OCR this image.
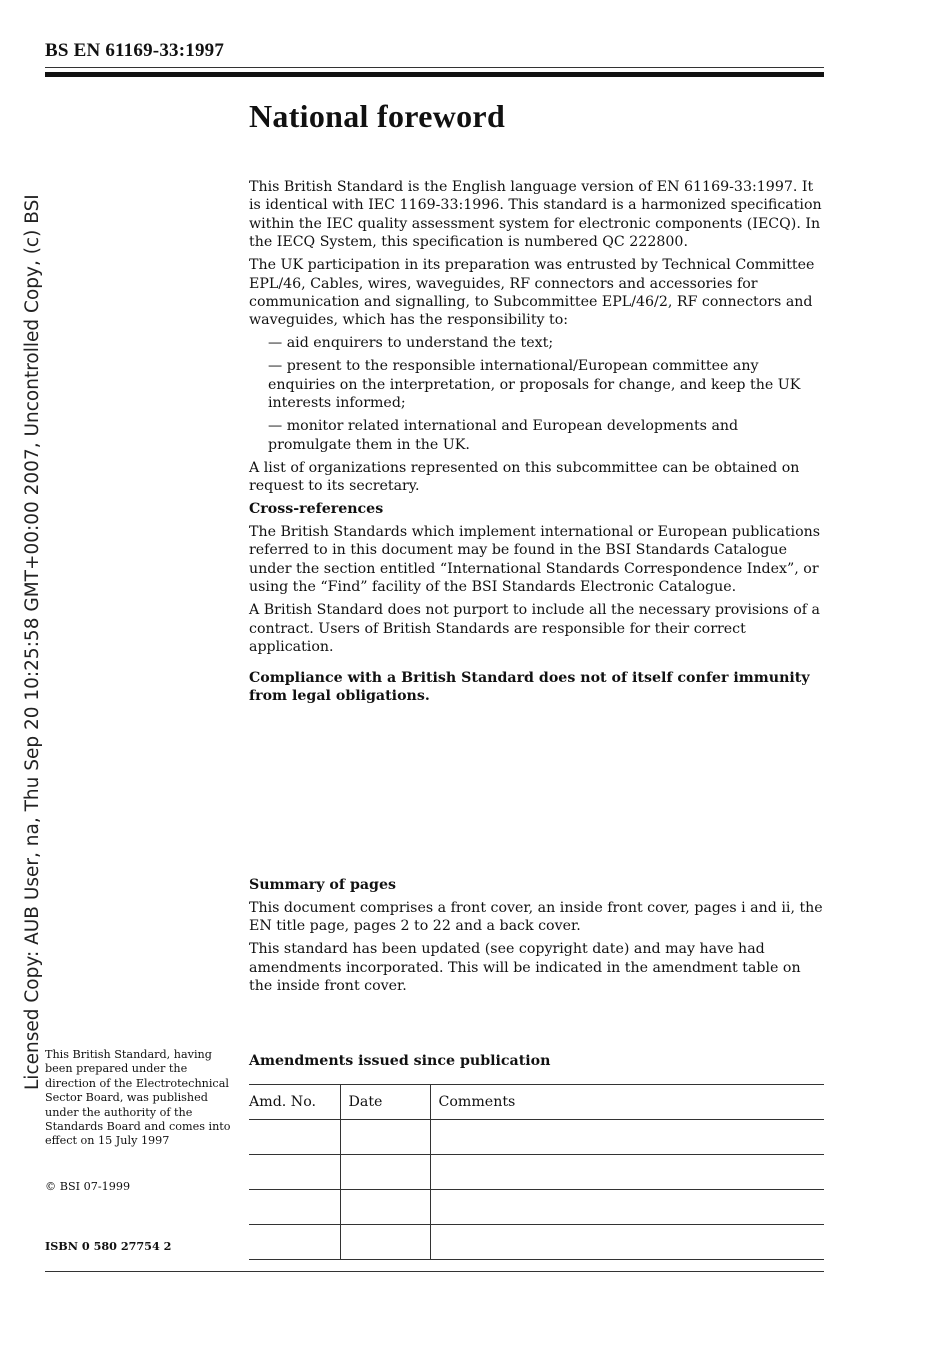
BS EN 61169-33:1997
Licensed Copy: AUB User, na, Thu Sep 20 10:25:58 GMT+00:00 2007, Uncontrolled Copy, (c) BSI
National foreword

This British Standard is the English language version of EN 61169-33:1997. It is identical with IEC 1169-33:1996. This standard is a harmonized specification within the IEC quality assessment system for electronic components (IECQ). In the IECQ System, this specification is numbered QC 222800.

The UK participation in its preparation was entrusted by Technical Committee EPL/46, Cables, wires, waveguides, RF connectors and accessories for communication and signalling, to Subcommittee EPL/46/2, RF connectors and waveguides, which has the responsibility to:

— aid enquirers to understand the text;

— present to the responsible international/European committee any enquiries on the interpretation, or proposals for change, and keep the UK interests informed;

— monitor related international and European developments and promulgate them in the UK.

A list of organizations represented on this subcommittee can be obtained on request to its secretary.

Cross-references

The British Standards which implement international or European publications referred to in this document may be found in the BSI Standards Catalogue under the section entitled “International Standards Correspondence Index”, or using the “Find” facility of the BSI Standards Electronic Catalogue.

A British Standard does not purport to include all the necessary provisions of a contract. Users of British Standards are responsible for their correct application.

Compliance with a British Standard does not of itself confer immunity from legal obligations.

Summary of pages

This document comprises a front cover, an inside front cover, pages i and ii, the EN title page, pages 2 to 22 and a back cover.

This standard has been updated (see copyright date) and may have had amendments incorporated. This will be indicated in the amendment table on the inside front cover.

Amendments issued since publication
Amd. No.	Date	Comments

This British Standard, having been prepared under the direction of the Electrotechnical Sector Board, was published under the authority of the Standards Board and comes into effect on 15 July 1997
© BSI 07-1999
ISBN 0 580 27754 2
